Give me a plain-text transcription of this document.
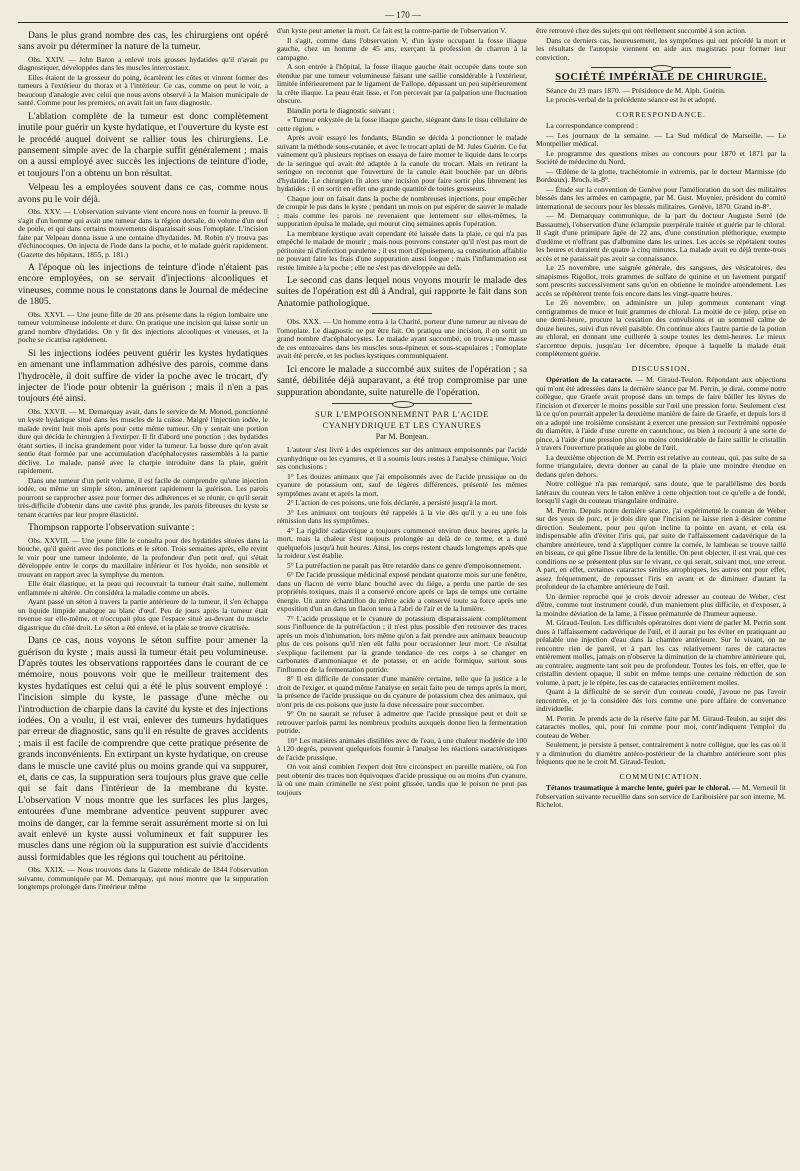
— 170 —

Dans le plus grand nombre des cas, les chirurgiens ont opéré sans avoir pu déterminer la nature de la tumeur.

Obs. XXIV. — John Baron a enlevé trois grosses hydatides qu'il n'avait pu diagnostiquer, développées dans les muscles intercostaux.

Elles étaient de la grosseur du poing, écartèrent les côtes et vinrent former des tumeurs à l'extérieur du thorax et à l'intérieur. Ce cas, comme on peut le voir, a beaucoup d'analogie avec celui que nous avons observé à la Maison municipale de santé. Comme pour les premiers, on avait fait un faux diagnostic.

L'ablation complète de la tumeur est donc complètement inutile pour guérir un kyste hydatique, et l'ouverture du kyste est le procédé auquel doivent se rallier tous les chirurgiens. Le pansement simple avec de la charpie suffit généralement ; mais on a aussi employé avec succès les injections de teinture d'iode, et toujours l'on a obtenu un bon résultat.

Velpeau les a employées souvent dans ce cas, comme nous avons pu le voir déjà.

Obs. XXV. — L'observation suivante vient encore nous en fournir la preuve. Il s'agit d'un homme qui avait une tumeur dans la région dorsale, du volume d'un œuf de poule, et qui dans certains mouvements disparaissait sous l'omoplate. L'incision faite par Velpeau donna issue à une centaine d'hydatides. M. Robin n'y trouva pas d'échinocoques. On injecta de l'iode dans la poche, et le malade guérit rapidement. (Gazette des hôpitaux, 1855, p. 181.)

A l'époque où les injections de teinture d'iode n'étaient pas encore employées, on se servait d'injections alcooliques et vineuses, comme nous le constatons dans le Journal de médecine de 1805.

Obs. XXVI. — Une jeune fille de 20 ans présente dans la région lombaire une tumeur volumineuse indolente et dure. On pratique une incision qui laisse sortir un grand nombre d'hydatides. On y fit des injections alcooliques et vineuses, et la poche se cicatrisa rapidement.

Si les injections iodées peuvent guérir les kystes hydatiques en amenant une inflammation adhésive des parois, comme dans l'hydrocèle, il doit suffire de vider la poche avec le trocart, d'y injecter de l'iode pour obtenir la guérison ; mais il n'en a pas toujours été ainsi.

Obs. XXVII. — M. Demarquay avait, dans le service de M. Monod, ponctionné un kyste hydatique situé dans les muscles de la cuisse. Malgré l'injection iodée, le malade revint huit mois après pour cette même tumeur. On y sentait une portion dure qui décida le chirurgien à l'extirper. Il fit d'abord une ponction ; des hydatides étant sorties, il incisa grandement pour vider la tumeur. La bosse dure qu'on avait sentie était formée par une accumulation d'acéphalocystes rassemblés à la partie déclive. Le malade, pansé avec la charpie introduite dans la plaie, guérit rapidement.

Dans une tumeur d'un petit volume, il est facile de comprendre qu'une injection iodée, ou même un simple séton, amèneront rapidement la guérison. Les parois pourront se rapprocher assez pour former des adhérences et se réunir, ce qu'il serait très-difficile d'obtenir dans une cavité plus grande, les parois fibreuses du kyste se tenant écartées par leur propre élasticité.

Thompson rapporte l'observation suivante :

Obs. XXVIII. — Une jeune fille le consulta pour des hydatides situées dans la bouche, qu'il guérit avec des ponctions et le séton. Trois semaines après, elle revint le voir pour une tumeur indolente, de la profondeur d'un petit œuf, qui s'était développée entre le corps du maxillaire inférieur et l'os hyoïde, non sensible et trouvant en rapport avec la symphyse du menton.

Elle était élastique, et la peau qui recouvrait la tumeur était saine, nullement enflammée ni altérée. On considéra la maladie comme un abcès.

Ayant passé un séton à travers la partie antérieure de la tumeur, il s'en échappa un liquide limpide analogue au blanc d'œuf. Peu de jours après la tumeur était revenue sur elle-même, et n'occupait plus que l'espace situé au-devant du muscle digastrique du côté droit. Le séton a été enlevé, et la plaie se trouve cicatrisée.

Dans ce cas, nous voyons le séton suffire pour amener la guérison du kyste ; mais aussi la tumeur était peu volumineuse. D'après toutes les observations rapportées dans le courant de ce mémoire, nous pouvons voir que le meilleur traitement des kystes hydatiques est celui qui a été le plus souvent employé : l'incision simple du kyste, le passage d'une mèche ou l'introduction de charpie dans la cavité du kyste et des injections iodées. On a voulu, il est vrai, enlever des tumeurs hydatiques par erreur de diagnostic, sans qu'il en résulte de graves accidents ; mais il est facile de comprendre que cette pratique présente de grands inconvénients. En extirpant un kyste hydatique, on creuse dans le muscle une cavité plus ou moins grande qui va suppurer, et, dans ce cas, la suppuration sera toujours plus grave que celle qui se fait dans l'intérieur de la membrane du kyste. L'observation V nous montre que les surfaces les plus larges, entourées d'une membrane adventice peuvent suppurer avec moins de danger, car la femme serait assurément morte si on lui avait enlevé un kyste aussi volumineux et fait suppurer les muscles dans une région où la suppuration est suivie d'accidents aussi formidables que les régions qui touchent au péritoine.

Obs. XXIX. — Nous trouvons dans la Gazette médicale de 1844 l'observation suivante, communiquée par M. Demarquay, qui nous montre que la suppuration longtemps prolongée dans l'intérieur même

d'un kyste peut amener la mort. Ce fait est la contre-partie de l'observation V.

Il s'agit, comme dans l'observation V, d'un kyste occupant la fosse iliaque gauche, chez un homme de 45 ans, exerçant la profession de charron à la campagne.

A son entrée à l'hôpital, la fosse iliaque gauche était occupée dans toute son étendue par une tumeur volumineuse faisant une saillie considérable à l'extérieur, limitée inférieurement par le ligament de Fallope, dépassant un peu supérieurement la crête iliaque. La peau était lisse, et l'on percevait par la palpation une fluctuation obscure.

Blandin porta le diagnostic suivant :

« Tumeur enkystée de la fosse iliaque gauche, siégeant dans le tissu cellulaire de cette région. »

Après avoir essayé les fondants, Blandin se décida à ponctionner le malade suivant la méthode sous-cutanée, et avec le trocart aplati de M. Jules Guérin. Ce fut vainement qu'à plusieurs reprises on essaya de faire monter le liquide dans le corps de la seringue qui avait été adaptée à la canule du trocart. Mais en retirant la seringue on reconnut que l'ouverture de la canule était bouchée par un débris d'hydatide. Le chirurgien fit alors une incision pour faire sortir plus librement les hydatides ; il en sortit en effet une grande quantité de toutes grosseurs.

Chaque jour on faisait dans la poche de nombreuses injections, pour empêcher de croupir le pus dans le kyste ; pendant un mois on put espérer de sauver le malade ; mais comme les parois ne revenaient que lentement sur elles-mêmes, la suppuration épuisa le malade, qui mourut cinq semaines après l'opération.

La membrane kystique avait cependant été laissée dans la plaie, ce qui n'a pas empêché le malade de mourir ; mais nous pouvons constater qu'il n'est pas mort de péritonite ni d'infection purulente ; il est mort d'épuisement, sa constitution affaiblie ne pouvant faire les frais d'une suppuration aussi longue ; mais l'inflammation est restée limitée à la poche ; elle ne s'est pas développée au delà.

Le second cas dans lequel nous voyons mourir le malade des suites de l'opération est dû à Andral, qui rapporte le fait dans son Anatomie pathologique.

Obs. XXX. — Un homme entra à la Charité, porteur d'une tumeur au niveau de l'omoplate. Le diagnostic ne put être fait. On pratiqua une incision, il en sortit un grand nombre d'acéphalocystes. Le malade ayant succombé, on trouva une masse de ces entozoaires dans les muscles sous-épineux et sous-scapulaires ; l'omoplate avait été percée, et les poches kystiques communiquaient.

Ici encore le malade a succombé aux suites de l'opération ; sa santé, débilitée déjà auparavant, a été trop compromise par une suppuration abondante, suite naturelle de l'opération.

SUR L'EMPOISONNEMENT PAR L'ACIDE CYANHYDRIQUE ET LES CYANURES
Par M. Bonjean.

L'auteur s'est livré à des expériences sur des animaux empoisonnés par l'acide cyanhydrique ou les cyanures, et il a soumis leurs restes à l'analyse chimique. Voici ses conclusions :

1° Les douzes animaux que j'ai empoisonnés avec de l'acide prussique ou du cyanure de potassium ont, sauf de légères différences, présenté les mêmes symptômes avant et après la mort.

2° L'action de ces poisons, une fois déclarée, a persisté jusqu'à la mort.

3° Les animaux ont toujours été rappelés à la vie dès qu'il y a eu une fois rémission dans les symptômes.

4° La rigidité cadavérique a toujours commencé environ deux heures après la mort, mais la chaleur s'est toujours prolongée au delà de ce terme, et a duré quelquefois jusqu'à huit heures. Ainsi, les corps restent chauds longtemps après que la roideur s'est établie.

5° La putréfaction ne paraît pas être retardée dans ce genre d'empoisonnement.

6° De l'acide prussique médicinal exposé pendant quatorze mois sur une fenêtre, dans un flacon de verre blanc bouché avec du liége, a perdu une partie de ses propriétés toxiques, mais il a conservé encore après ce laps de temps une certaine énergie. Un autre échantillon du même acide a conservé toute sa force après une exposition d'un an dans un flacon tenu à l'abri de l'air et de la lumière.

7° L'acide prussique et le cyanure de potassium disparaissaient complètement sous l'influence de la putréfaction ; il n'est plus possible d'en retrouver des traces après un mois d'inhumation, lors même qu'on a fait prendre aux animaux beaucoup plus de ces poisons qu'il n'en eût fallu pour occasionner leur mort. Ce résultat s'explique facilement par la grande tendance de ces corps à se changer en carbonates d'ammoniaque et de potasse, et en acide formique, surtout sous l'influence de la fermentation putride.

8° Il est difficile de constater d'une manière certaine, telle que la justice a le droit de l'exiger, et quand même l'analyse en serait faite peu de temps après la mort, la présence de l'acide prussique ou du cyanure de potassium chez des animaux, qui n'ont pris de ces poisons que juste la dose nécessaire pour succomber.

9° On ne saurait se refuser à admettre que l'acide prussique peut et doit se retrouver parfois parmi les nombreux produits auxquels donne lieu la fermentation putride.

10° Les matières animales distillées avec de l'eau, à une chaleur modérée de 100 à 120 degrés, peuvent quelquefois fournir à l'analyse les réactions caractéristiques de l'acide prussique.

On voit ainsi combien l'expert doit être circonspect en pareille matière, où l'on peut obtenir des traces non équivoques d'acide prussique ou au moins d'un cyanure, là où une main criminelle ne s'est point glissée, tandis que le poison ne peut pas toujours

être retrouvé chez des sujets qui ont réellement succombé à son action.

Dans ce derniers cas, heureusement, les symptômes qui ont précédé la mort et les résultats de l'autopsie viennent en aide aux magistrats pour former leur conviction.

SOCIÉTÉ IMPÉRIALE DE CHIRURGIE.

Séance du 23 mars 1870. — Présidence de M. Alph. Guérin.

Le procès-verbal de la précédente séance est lu et adopté.

CORRESPONDANCE.

La correspondance comprend :

— Les journaux de la semaine. — La Sud médical de Marseille. — Le Montpellier médical.

Le programme des questions mises au concours pour 1870 et 1871 par la Société de médecine du Nord.

— Œdème de la glotte, trachéotomie in extremis, par le docteur Marmisse (de Bordeaux). Broch. in-8°.

— Étude sur la convention de Genève pour l'amélioration du sort des militaires blessés dans les armées en campagne, par M. Gust. Moynier, président du comité international de secours pour les blessés militaires. Genève, 1870. Grand in-8°.

— M. Demarquay communique, de la part du docteur Auguste Serré (de Bassaume), l'observation d'une éclampsie puerpérale traitée et guérie par le chloral. Il s'agit d'une primipare âgée de 22 ans, d'une constitution pléthorique, exempte d'œdème et n'offrant pas d'albumine dans les urines. Les accès se répétaient toutes les heures et duraient de quatre à cinq minutes. La malade avait eu déjà trente-trois accès et ne paraissait pas avoir sa connaissance.

Le 25 novembre, une saignée générale, des sangsues, des vésicatoires, des sinapismes Rigollot, trois grammes de sulfate de quinine et un lavement purgatif sont prescrits successivement sans qu'on en obtienne le moindre amendement. Les accès se répétèrent trente fois encore dans les vingt-quatre heures.

Le 26 novembre, on administre un julep gommeux contenant vingt centigrammes de muce et huit grammes de chloral. La moitié de ce julep, prise en une demi-heure, procure la cessation des convulsions et un sommeil calme de douze heures, suivi d'un réveil paisible. On continue alors l'autre partie de la potion au chloral, en donnant une cuillerée à soupe toutes les demi-heures. Le mieux s'accentue depuis, jusqu'au 1er décembre, époque à laquelle la malade était complètement guérie.

DISCUSSION.

Opération de la cataracte. — M. Giraud-Teulon. Répondant aux objections qui m'ont été adressées dans la dernière séance par M. Perrin, je dirai, comme notre collègue, que Graefe avait proposé dans un temps de faire bâiller les lèvres de l'incision et d'exercer le moins possible sur l'œil une pression forte. Seulement c'est là ce qu'on pourrait appeler la deuxième manière de faire de Graefe, et depuis lors il en a adopté une troisième consistant à exercer une pression sur l'extrémité opposée du diamètre, à l'aide d'une curette en caoutchouc, ou bien à recourir à une sorte de pince, à l'aide d'une pression plus ou moins considérable de faire saillir le cristallin à travers l'ouverture pratiquée au globe de l'œil.

La deuxième objection de M. Perrin est relative au couteau, qui, pas suite de sa forme triangulaire, devra donner au canal de la plaie une moindre étendue en dedans qu'en dehors.

Notre collègue n'a pas remarqué, sans doute, que le parallélisme des bords latéraux du couteau vers le talon enlève à cette objection tout ce qu'elle a de fondé, lorsqu'il s'agit du couteau triangulaire ordinaire.

M. Perrin. Depuis notre dernière séance, j'ai expérimenté le couteau de Weber sur des yeux de porc, et je dois dire que l'incision ne laisse rien à désirer comme direction. Seulement, pour peu qu'on incline la pointe en avant, et cela est indispensable afin d'éviter l'iris qui, par suite de l'affaissement cadavérique de la chambre antérieure, tend à s'appliquer contre la cornée, le lambeau se trouve taillé en biseau, ce qui gêne l'issue libre de la lentille. On peut objecter, il est vrai, que ces conditions ne se présentent plus sur le vivant, ce qui serait, suivant moi, une erreur. A part, en effet, certaines cataractes séniles atrophiques, les autres ont pour effet, assez fréquemment, de repousser l'iris en avant et de diminuer d'autant la profondeur de la chambre antérieure de l'œil.

Un dernier reproche que je crois devoir adresser au couteau de Weber, c'est d'être, comme tout instrument coudé, d'un maniement plus difficile, et d'exposer, à la moindre déviation de la lame, à l'issue prématurée de l'humeur aqueuse.

M. Giraud-Teulon. Les difficultés opératoires dont vient de parler M. Perrin sont dues à l'affaissement cadavérique de l'œil, et il aurait pu les éviter en pratiquant au préalable une injection d'eau dans la chambre antérieure. Sur le vivant, on ne rencontre rien de pareil, et à part les cas relativement rares de cataractes entièrement molles, jamais on n'observe la diminution de la chambre antérieure qui, au contraire, augmente tant soit peu de profondeur. Toutes les fois, en effet, que le cristallin devient opaque, il subit en même temps une certaine réduction de son volume, à part, je le répète, les cas de cataractes entièrement molles.

Quant à la difficulté de se servir d'un couteau coudé, j'avoue ne pas l'avoir rencontrée, et je la considère dès lors comme une pure affaire de convenance individuelle.

M. Perrin. Je prends acte de la réserve faite par M. Giraud-Teulon, au sujet des cataractes molles, qui, pour lui comme pour moi, contr'indiquent l'emploi du couteau de Weber.

Seulement, je persiste à penser, contrairement à notre collègue, que les cas où il y a diminution du diamètre antéro-postérieur de la chambre antérieure sont plus fréquents que ne le croit M. Giraud-Teulon.

COMMUNICATION.

Tétanos traumatique à marche lente, guéri par le chloral. — M. Verneuil lit l'observation suivante recueillie dans son service de Lariboisière par son interne, M. Richelot.
